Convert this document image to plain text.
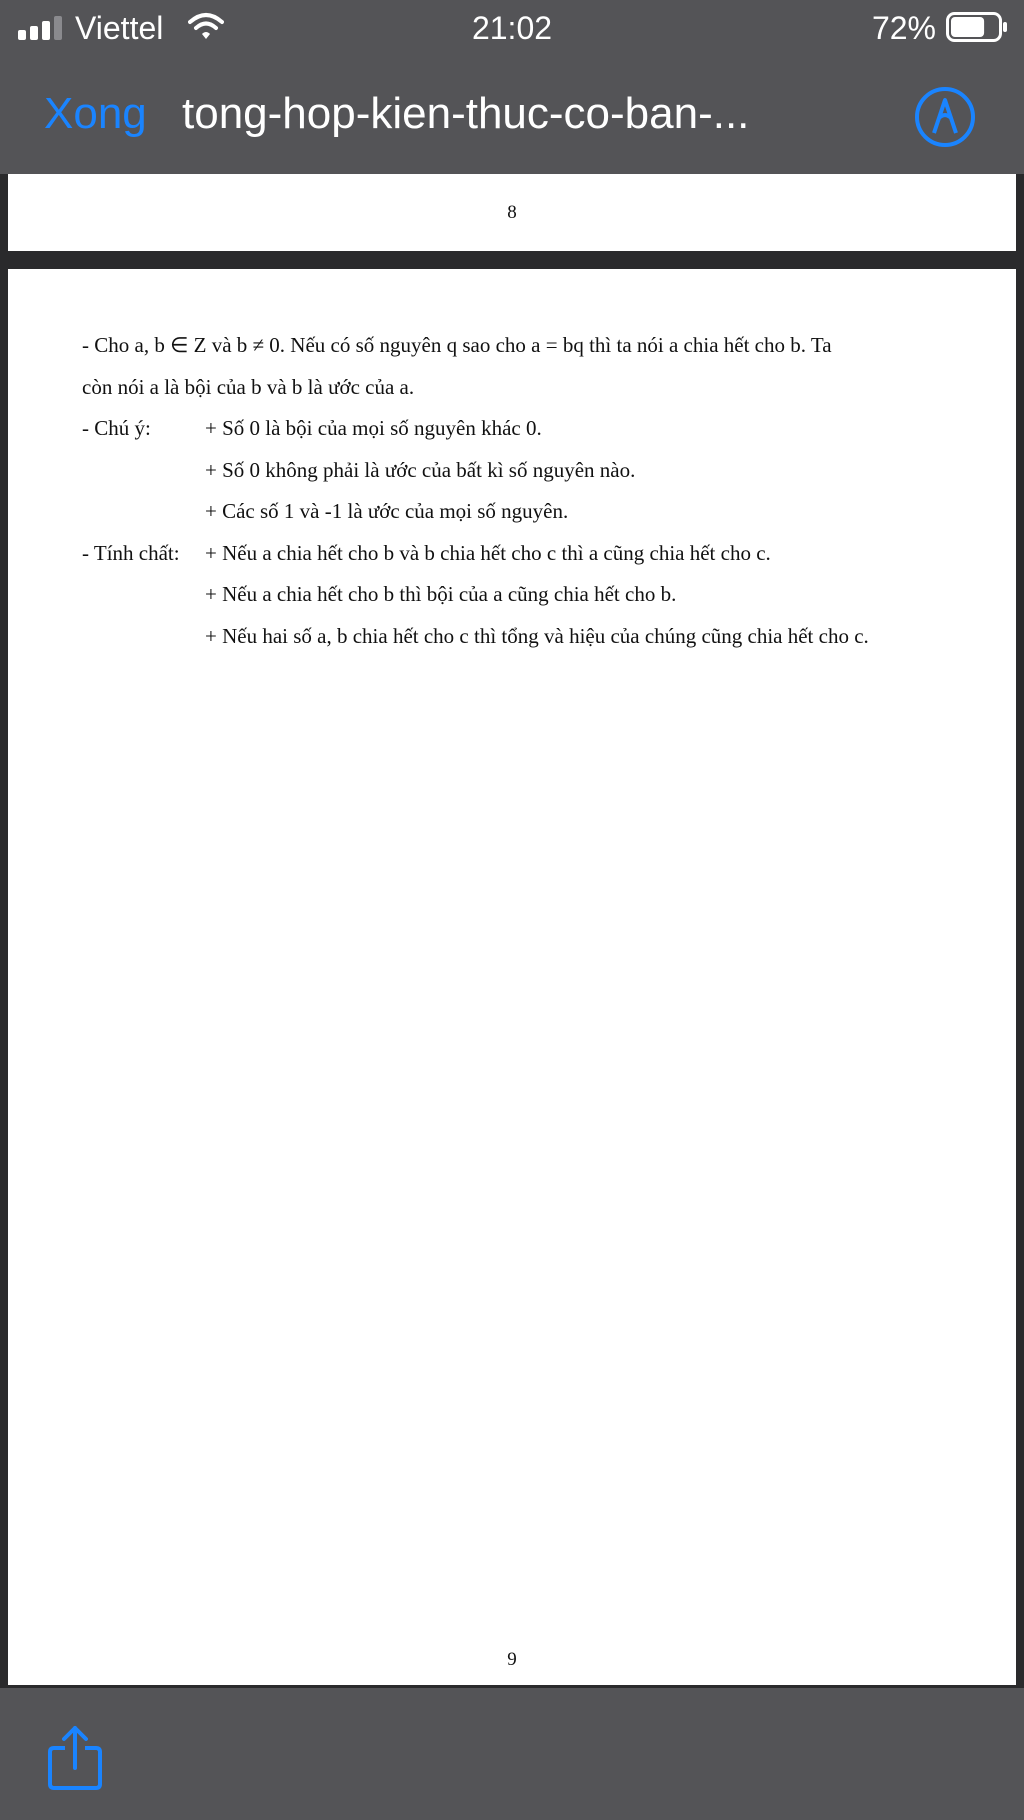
Viettel	21:02	72%
Xong tong-hop-kien-thuc-co-ban-...
8
- Cho a, b ∈ Z và b ≠ 0. Nếu có số nguyên q sao cho a = bq thì ta nói a chia hết cho b. Ta
còn nói a là bội của b và b là ước của a.
- Chú ý:	+ Số 0 là bội của mọi số nguyên khác 0.
+ Số 0 không phải là ước của bất kì số nguyên nào.
+ Các số 1 và -1 là ước của mọi số nguyên.
- Tính chất: + Nếu a chia hết cho b và b chia hết cho c thì a cũng chia hết cho c.
+ Nếu a chia hết cho b thì bội của a cũng chia hết cho b.
+ Nếu hai số a, b chia hết cho c thì tổng và hiệu của chúng cũng chia hết cho c.
9
